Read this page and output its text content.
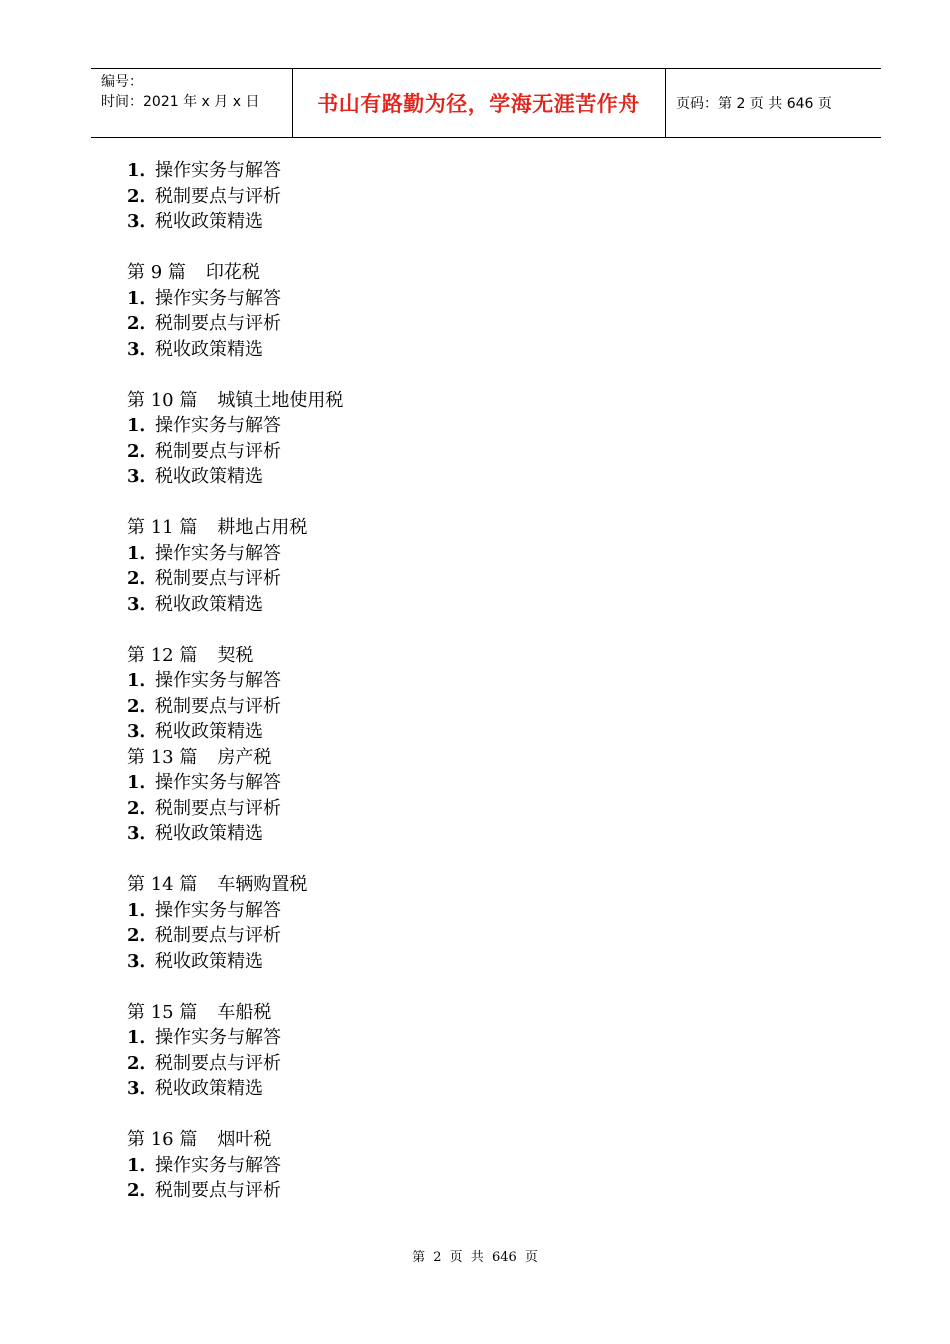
编号：
时间：2021 年 x 月 x 日	书山有路勤为径，学海无涯苦作舟	页码：第 2 页 共 646 页
1．操作实务与解答
2．税制要点与评析
3．税收政策精选
第 9 篇 印花税
1．操作实务与解答
2．税制要点与评析
3．税收政策精选
第 10 篇 城镇土地使用税
1．操作实务与解答
2．税制要点与评析
3．税收政策精选
第 11 篇 耕地占用税
1．操作实务与解答
2．税制要点与评析
3．税收政策精选
第 12 篇 契税
1．操作实务与解答
2．税制要点与评析
3．税收政策精选
第 13 篇 房产税
1．操作实务与解答
2．税制要点与评析
3．税收政策精选
第 14 篇 车辆购置税
1．操作实务与解答
2．税制要点与评析
3．税收政策精选
第 15 篇 车船税
1．操作实务与解答
2．税制要点与评析
3．税收政策精选
第 16 篇 烟叶税
1．操作实务与解答
2．税制要点与评析
第 2 页 共 646 页
